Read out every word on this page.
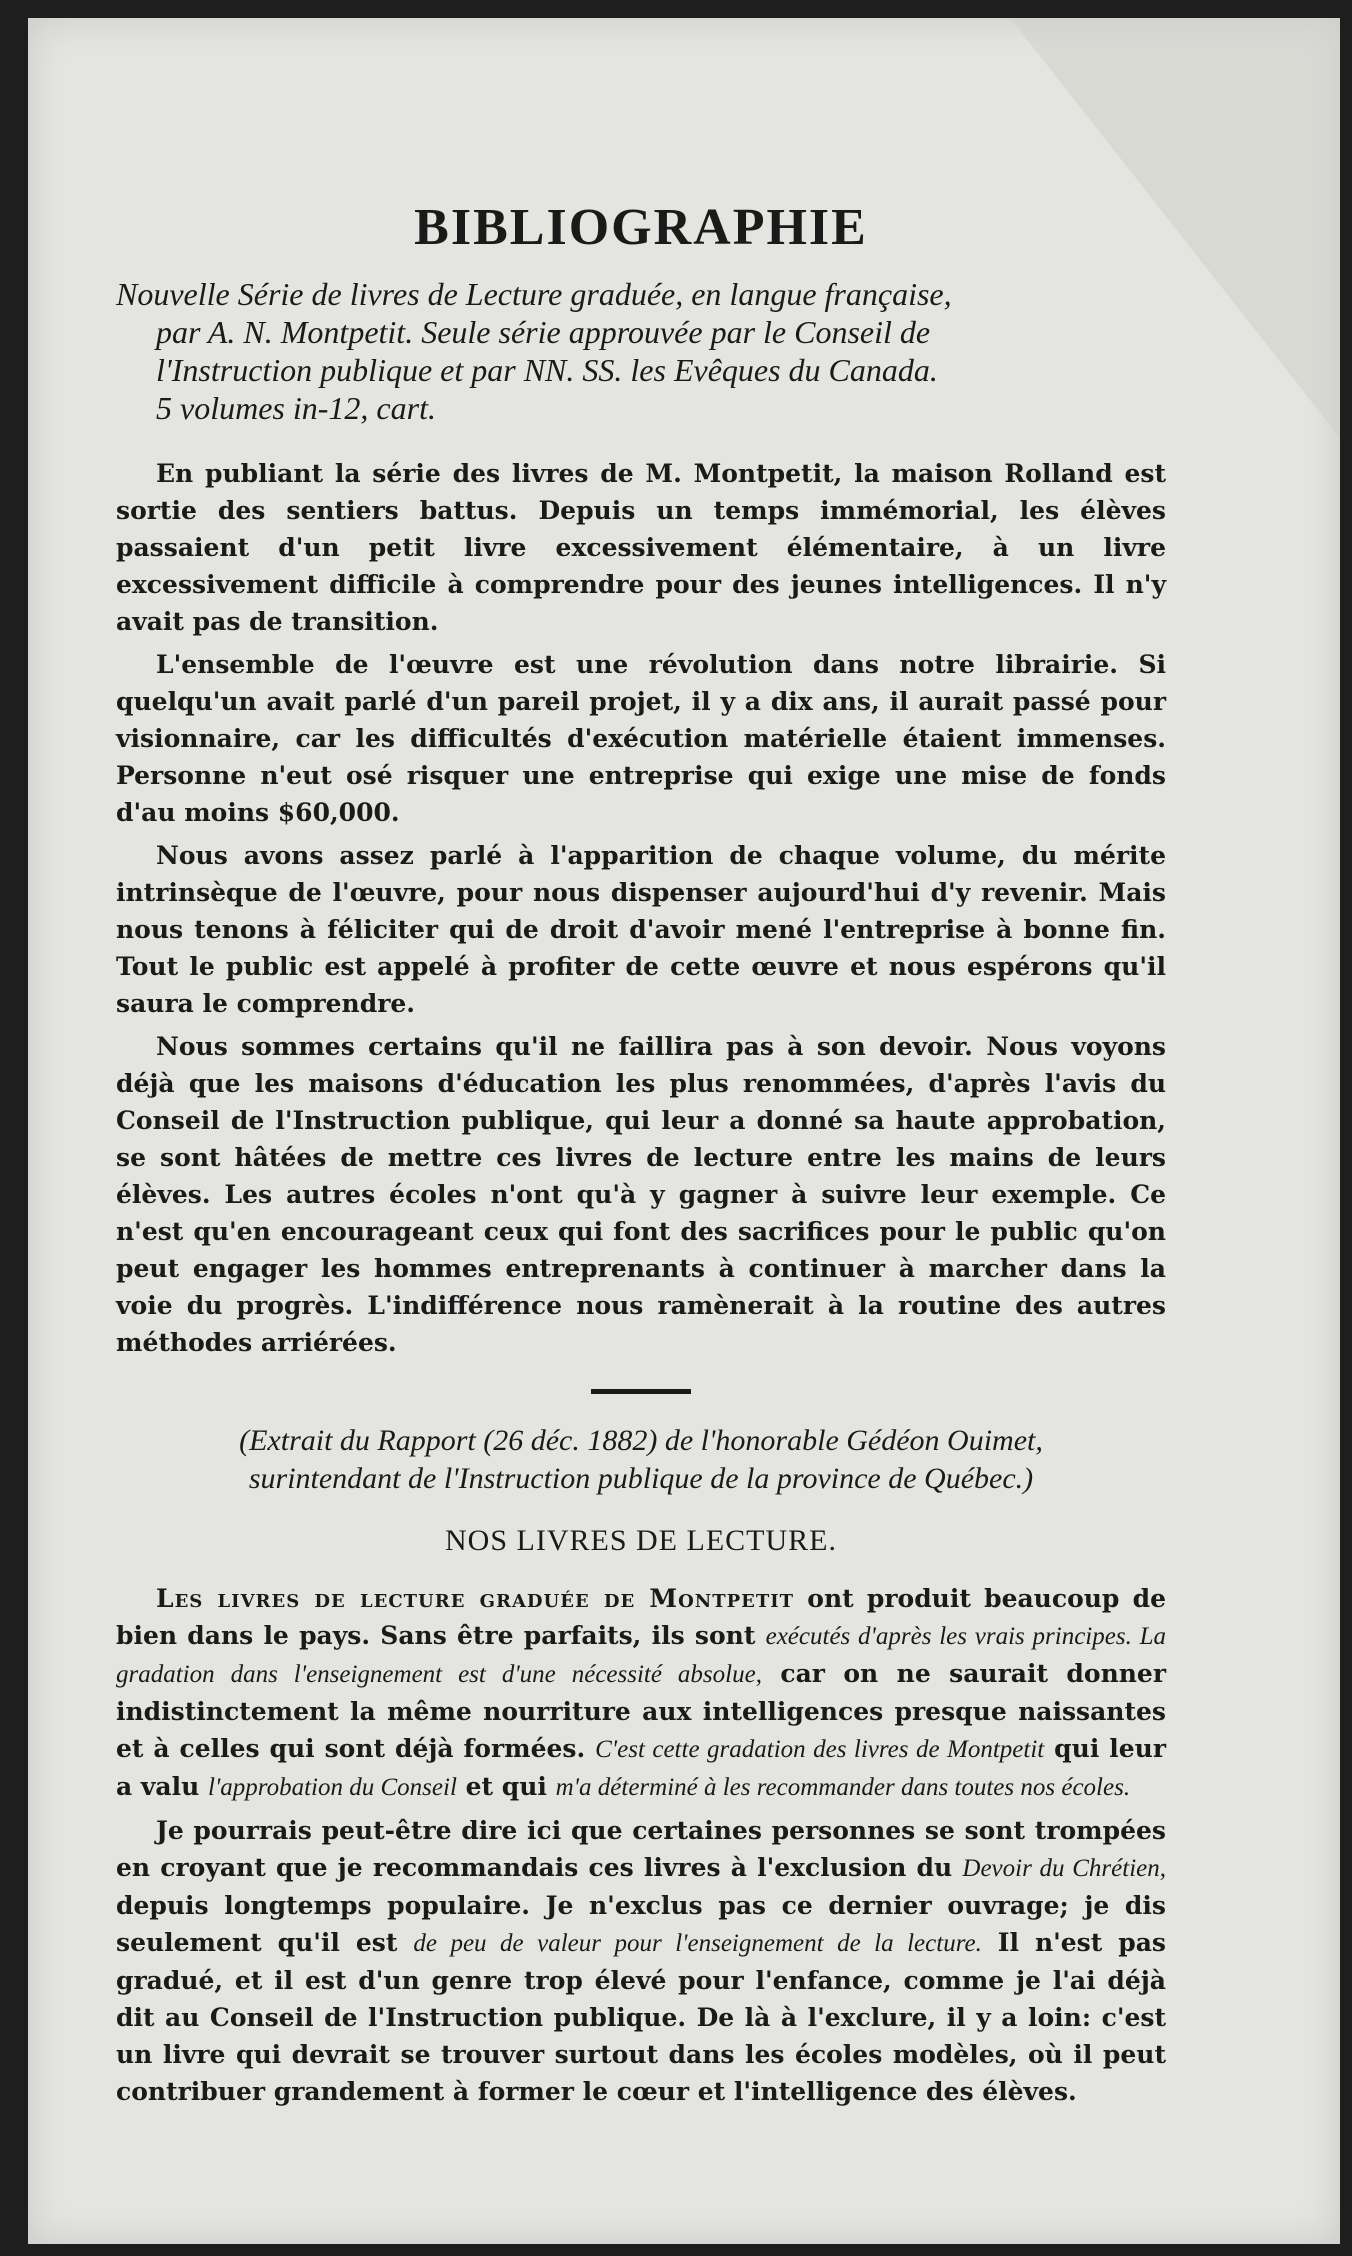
BIBLIOGRAPHIE

Nouvelle Série de livres de Lecture graduée, en langue française,

par A. N. Montpetit. Seule série approuvée par le Conseil de

l'Instruction publique et par NN. SS. les Evêques du Canada.

5 volumes in-12, cart.

En publiant la série des livres de M. Montpetit, la maison Rolland est sortie des sentiers battus. Depuis un temps immémorial, les élèves passaient d'un petit livre excessivement élémentaire, à un livre excessivement difficile à comprendre pour des jeunes intelligences. Il n'y avait pas de transition.

L'ensemble de l'œuvre est une révolution dans notre librairie. Si quelqu'un avait parlé d'un pareil projet, il y a dix ans, il aurait passé pour visionnaire, car les difficultés d'exécution matérielle étaient immenses. Personne n'eut osé risquer une entreprise qui exige une mise de fonds d'au moins $60,000.

Nous avons assez parlé à l'apparition de chaque volume, du mérite intrinsèque de l'œuvre, pour nous dispenser aujourd'hui d'y revenir. Mais nous tenons à féliciter qui de droit d'avoir mené l'entreprise à bonne fin. Tout le public est appelé à profiter de cette œuvre et nous espérons qu'il saura le comprendre.

Nous sommes certains qu'il ne faillira pas à son devoir. Nous voyons déjà que les maisons d'éducation les plus renommées, d'après l'avis du Conseil de l'Instruction publique, qui leur a donné sa haute approbation, se sont hâtées de mettre ces livres de lecture entre les mains de leurs élèves. Les autres écoles n'ont qu'à y gagner à suivre leur exemple. Ce n'est qu'en encourageant ceux qui font des sacrifices pour le public qu'on peut engager les hommes entreprenants à continuer à marcher dans la voie du progrès. L'indifférence nous ramènerait à la routine des autres méthodes arriérées.

(Extrait du Rapport (26 déc. 1882) de l'honorable Gédéon Ouimet,
surintendant de l'Instruction publique de la province de Québec.)
NOS LIVRES DE LECTURE.

Les livres de lecture graduée de Montpetit ont produit beaucoup de bien dans le pays. Sans être parfaits, ils sont exécutés d'après les vrais principes. La gradation dans l'enseignement est d'une nécessité absolue, car on ne saurait donner indistinctement la même nourriture aux intelligences presque naissantes et à celles qui sont déjà formées. C'est cette gradation des livres de Montpetit qui leur a valu l'approbation du Conseil et qui m'a déterminé à les recommander dans toutes nos écoles.

Je pourrais peut-être dire ici que certaines personnes se sont trompées en croyant que je recommandais ces livres à l'exclusion du Devoir du Chrétien, depuis longtemps populaire. Je n'exclus pas ce dernier ouvrage; je dis seulement qu'il est de peu de valeur pour l'enseignement de la lecture. Il n'est pas gradué, et il est d'un genre trop élevé pour l'enfance, comme je l'ai déjà dit au Conseil de l'Instruction publique. De là à l'exclure, il y a loin: c'est un livre qui devrait se trouver surtout dans les écoles modèles, où il peut contribuer grandement à former le cœur et l'intelligence des élèves.
